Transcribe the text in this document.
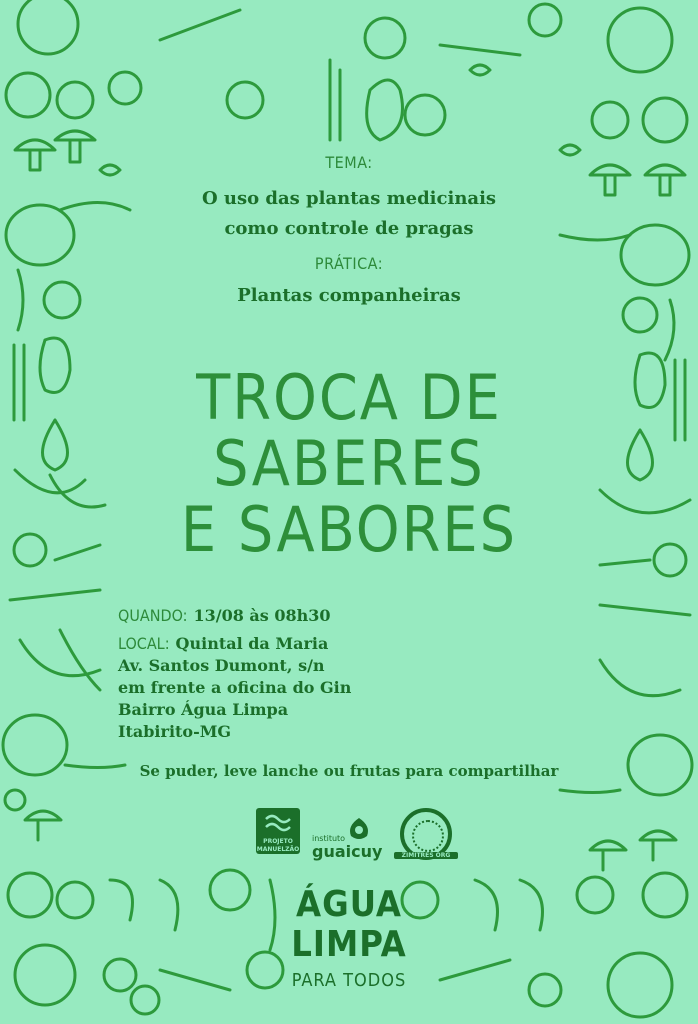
TEMA:
O uso das plantas medicinais
como controle de pragas
PRÁTICA:
Plantas companheiras
TROCA DE
SABERES
E SABORES
QUANDO: 13/08 às 08h30
LOCAL: Quintal da Maria
Av. Santos Dumont, s/n
em frente a oficina do Gin
Bairro Água Limpa
Itabirito-MG
Se puder, leve lanche ou frutas para compartilhar
PROJETO
MANUELZÃO
instituto
guaicuy	ZIMITRES ORG
ÁGUA
LIMPA
PARA TODOS
